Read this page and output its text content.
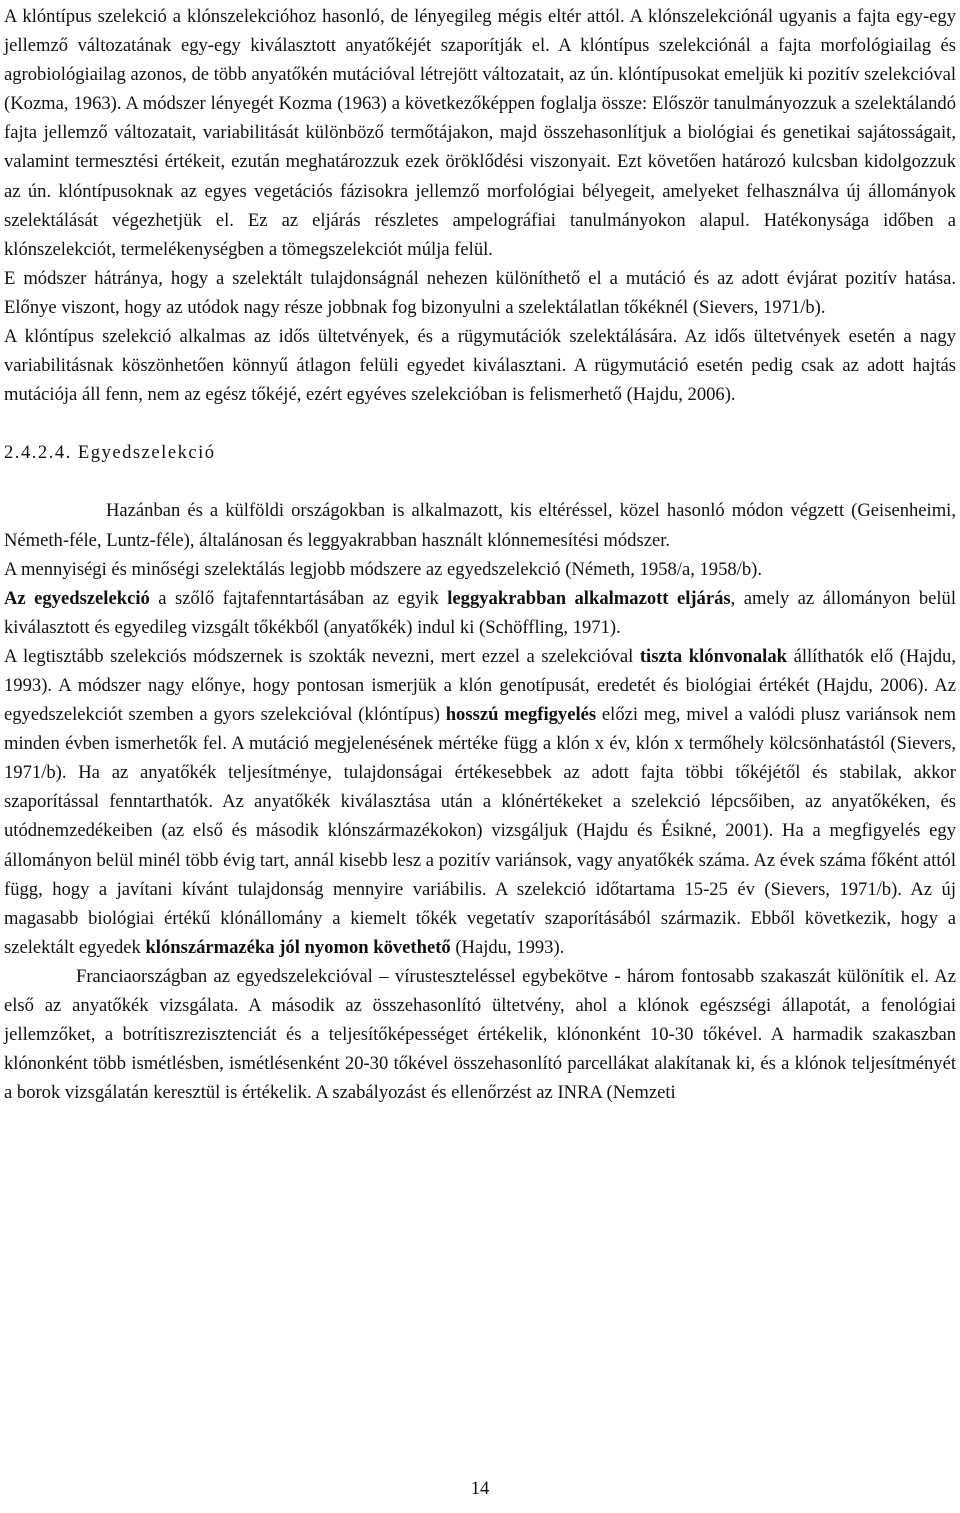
A klóntípus szelekció a klónszelekcióhoz hasonló, de lényegileg mégis eltér attól. A klónszelekciónál ugyanis a fajta egy-egy jellemző változatának egy-egy kiválasztott anyatőkéjét szaporítják el. A klóntípus szelekciónál a fajta morfológiailag és agrobiológiailag azonos, de több anyatőkén mutációval létrejött változatait, az ún. klóntípusokat emeljük ki pozitív szelekcióval (Kozma, 1963). A módszer lényegét Kozma (1963) a következőképpen foglalja össze: Először tanulmányozzuk a szelektálandó fajta jellemző változatait, variabilitását különböző termőtájakon, majd összehasonlítjuk a biológiai és genetikai sajátosságait, valamint termesztési értékeit, ezután meghatározzuk ezek öröklődési viszonyait. Ezt követően határozó kulcsban kidolgozzuk az ún. klóntípusoknak az egyes vegetációs fázisokra jellemző morfológiai bélyegeit, amelyeket felhasználva új állományok szelektálását végezhetjük el. Ez az eljárás részletes ampelográfiai tanulmányokon alapul. Hatékonysága időben a klónszelekciót, termelékenységben a tömegszelekciót múlja felül.

E módszer hátránya, hogy a szelektált tulajdonságnál nehezen különíthető el a mutáció és az adott évjárat pozitív hatása. Előnye viszont, hogy az utódok nagy része jobbnak fog bizonyulni a szelektálatlan tőkéknél (Sievers, 1971/b).

A klóntípus szelekció alkalmas az idős ültetvények, és a rügymutációk szelektálására. Az idős ültetvények esetén a nagy variabilitásnak köszönhetően könnyű átlagon felüli egyedet kiválasztani. A rügymutáció esetén pedig csak az adott hajtás mutációja áll fenn, nem az egész tőkéjé, ezért egyéves szelekcióban is felismerhető (Hajdu, 2006).

2.4.2.4. Egyedszelekció

Hazánban és a külföldi országokban is alkalmazott, kis eltéréssel, közel hasonló módon végzett (Geisenheimi, Németh-féle, Luntz-féle), általánosan és leggyakrabban használt klónnemesítési módszer.

A mennyiségi és minőségi szelektálás legjobb módszere az egyedszelekció (Németh, 1958/a, 1958/b).

Az egyedszelekció a szőlő fajtafenntartásában az egyik leggyakrabban alkalmazott eljárás, amely az állományon belül kiválasztott és egyedileg vizsgált tőkékből (anyatőkék) indul ki (Schöffling, 1971).

A legtisztább szelekciós módszernek is szokták nevezni, mert ezzel a szelekcióval tiszta klónvonalak állíthatók elő (Hajdu, 1993). A módszer nagy előnye, hogy pontosan ismerjük a klón genotípusát, eredetét és biológiai értékét (Hajdu, 2006). Az egyedszelekciót szemben a gyors szelekcióval (klóntípus) hosszú megfigyelés előzi meg, mivel a valódi plusz variánsok nem minden évben ismerhetők fel. A mutáció megjelenésének mértéke függ a klón x év, klón x termőhely kölcsönhatástól (Sievers, 1971/b). Ha az anyatőkék teljesítménye, tulajdonságai értékesebbek az adott fajta többi tőkéjétől és stabilak, akkor szaporítással fenntarthatók. Az anyatőkék kiválasztása után a klónértékeket a szelekció lépcsőiben, az anyatőkéken, és utódnemzedékeiben (az első és második klónszármazékokon) vizsgáljuk (Hajdu és Ésikné, 2001). Ha a megfigyelés egy állományon belül minél több évig tart, annál kisebb lesz a pozitív variánsok, vagy anyatőkék száma. Az évek száma főként attól függ, hogy a javítani kívánt tulajdonság mennyire variábilis. A szelekció időtartama 15-25 év (Sievers, 1971/b). Az új magasabb biológiai értékű klónállomány a kiemelt tőkék vegetatív szaporításából származik. Ebből következik, hogy a szelektált egyedek klónszármazéka jól nyomon követhető (Hajdu, 1993).

Franciaországban az egyedszelekcióval – vírusteszteléssel egybekötve - három fontosabb szakaszát különítik el. Az első az anyatőkék vizsgálata. A második az összehasonlító ültetvény, ahol a klónok egészségi állapotát, a fenológiai jellemzőket, a botrítiszrezisztenciát és a teljesítőképességet értékelik, klónonként 10-30 tőkével. A harmadik szakaszban klónonként több ismétlésben, ismétlésenként 20-30 tőkével összehasonlító parcellákat alakítanak ki, és a klónok teljesítményét a borok vizsgálatán keresztül is értékelik. A szabályozást és ellenőrzést az INRA (Nemzeti

14
